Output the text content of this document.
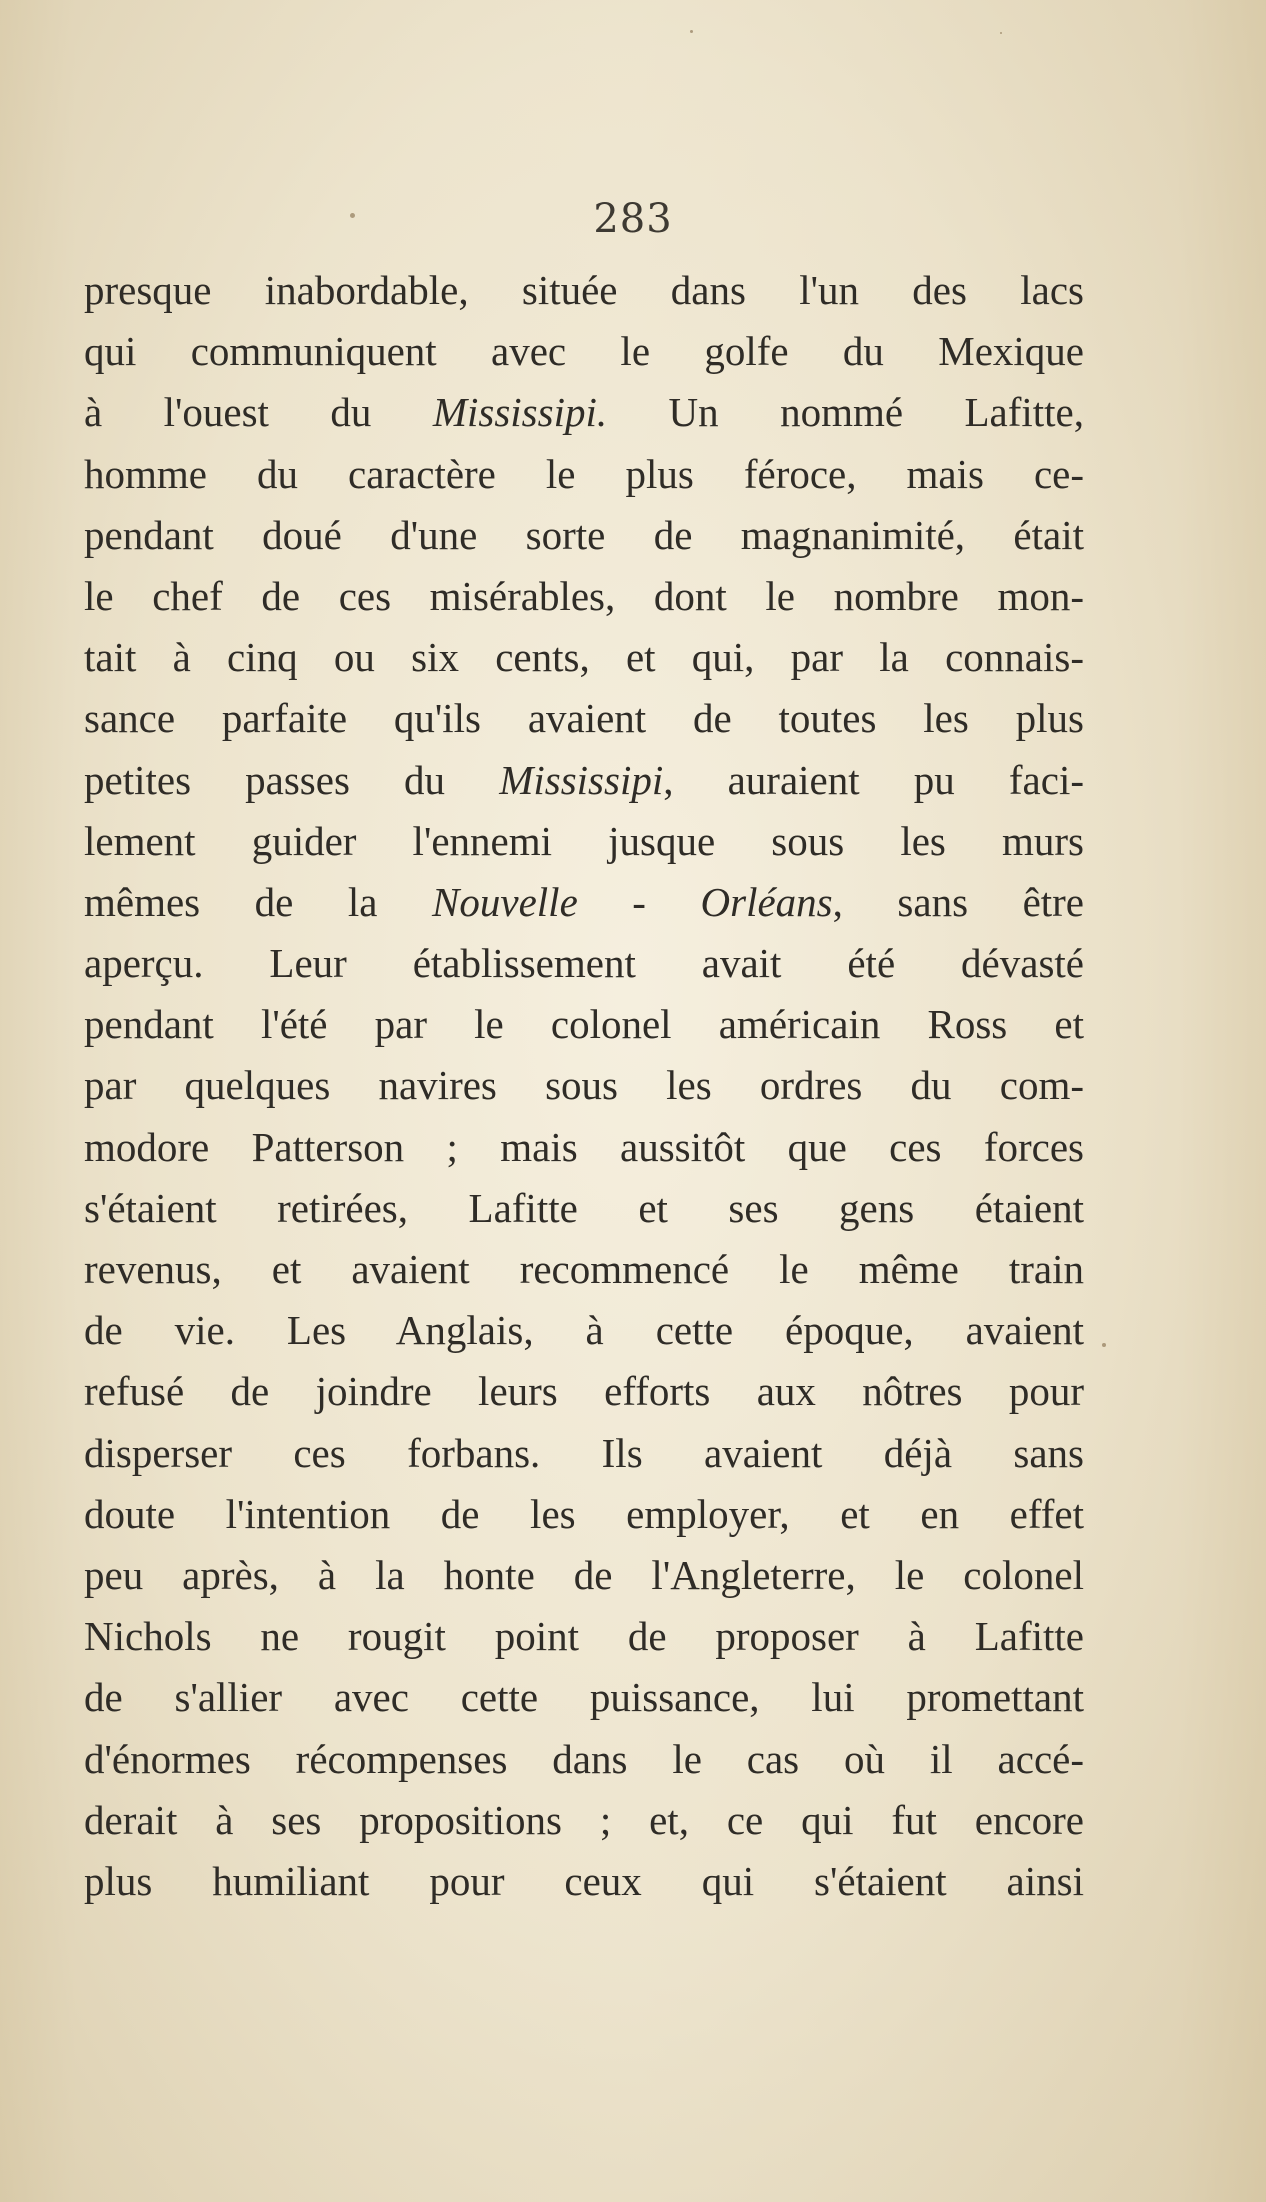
283
presque inabordable, située dans l'un des lacs
qui communiquent avec le golfe du Mexique
à l'ouest du Mississipi. Un nommé Lafitte,
homme du caractère le plus féroce, mais ce-
pendant doué d'une sorte de magnanimité, était
le chef de ces misérables, dont le nombre mon-
tait à cinq ou six cents, et qui, par la connais-
sance parfaite qu'ils avaient de toutes les plus
petites passes du Mississipi, auraient pu faci-
lement guider l'ennemi jusque sous les murs
mêmes de la Nouvelle - Orléans, sans être
aperçu. Leur établissement avait été dévasté
pendant l'été par le colonel américain Ross et
par quelques navires sous les ordres du com-
modore Patterson ; mais aussitôt que ces forces
s'étaient retirées, Lafitte et ses gens étaient
revenus, et avaient recommencé le même train
de vie. Les Anglais, à cette époque, avaient
refusé de joindre leurs efforts aux nôtres pour
disperser ces forbans. Ils avaient déjà sans
doute l'intention de les employer, et en effet
peu après, à la honte de l'Angleterre, le colonel
Nichols ne rougit point de proposer à Lafitte
de s'allier avec cette puissance, lui promettant
d'énormes récompenses dans le cas où il accé-
derait à ses propositions ; et, ce qui fut encore
plus humiliant pour ceux qui s'étaient ainsi
